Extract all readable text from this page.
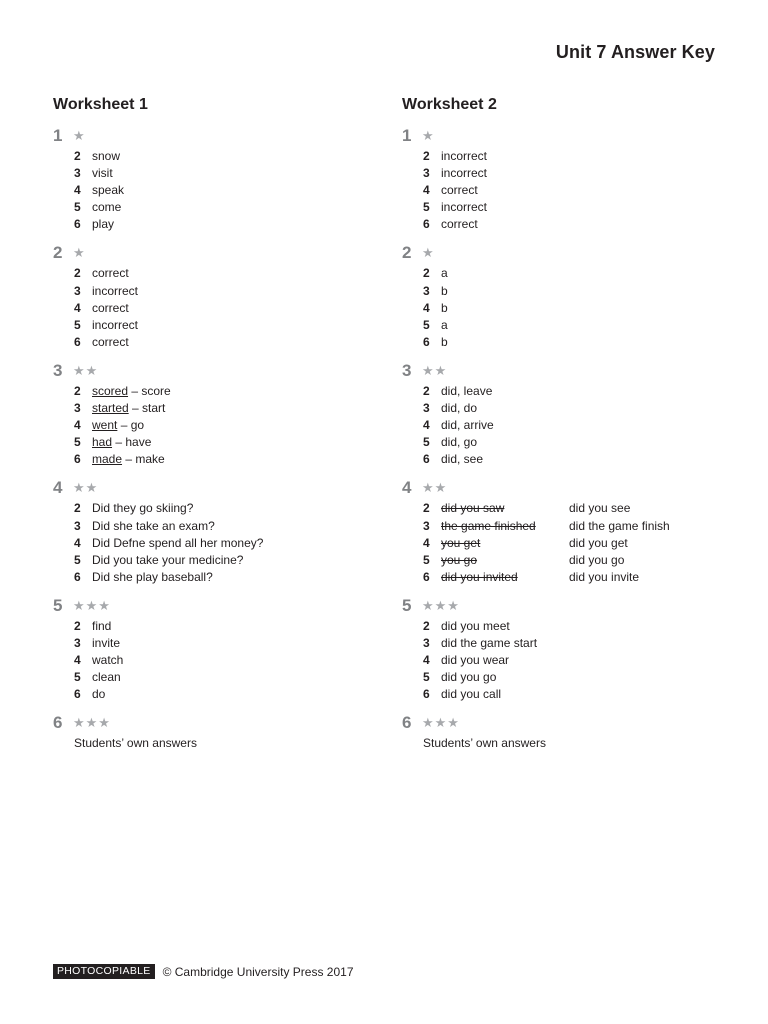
Unit 7 Answer Key
Worksheet 1
1 ★
2 snow
3 visit
4 speak
5 come
6 play
2 ★
2 correct
3 incorrect
4 correct
5 incorrect
6 correct
3 ★★
2 scored – score
3 started – start
4 went – go
5 had – have
6 made – make
4 ★★
2 Did they go skiing?
3 Did she take an exam?
4 Did Defne spend all her money?
5 Did you take your medicine?
6 Did she play baseball?
5 ★★★
2 find
3 invite
4 watch
5 clean
6 do
6 ★★★
Students’ own answers
Worksheet 2
1 ★
2 incorrect
3 incorrect
4 correct
5 incorrect
6 correct
2 ★
2 a
3 b
4 b
5 a
6 b
3 ★★
2 did, leave
3 did, do
4 did, arrive
5 did, go
6 did, see
4 ★★
2 did you saw	did you see
3 the game finished	did the game finish
4 you get	did you get
5 you go	did you go
6 did you invited	did you invite
5 ★★★
2 did you meet
3 did the game start
4 did you wear
5 did you go
6 did you call
6 ★★★
Students’ own answers
PHOTOCOPIABLE	© Cambridge University Press 2017
